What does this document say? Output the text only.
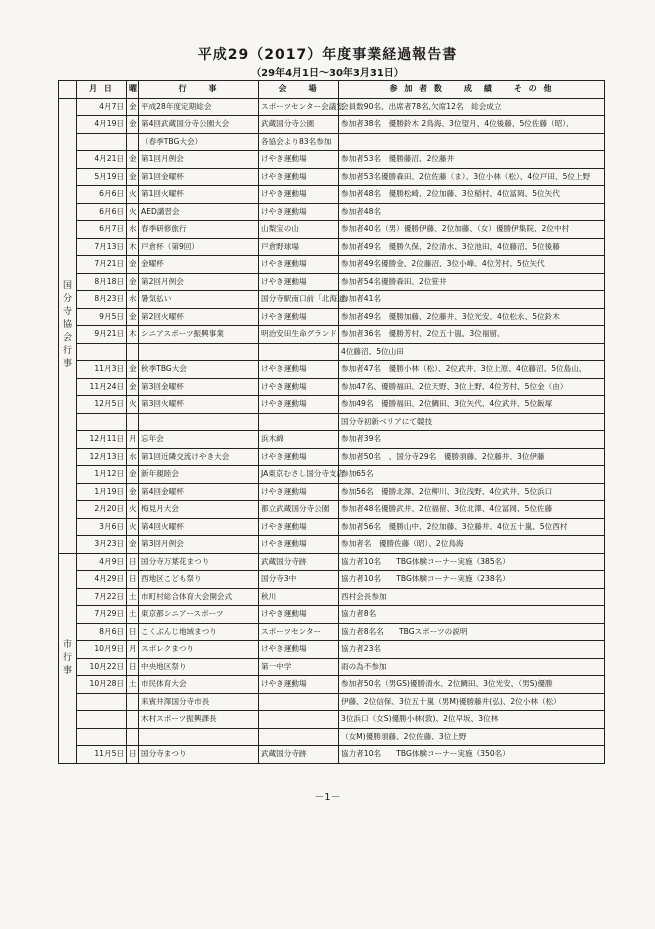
平成29（2017）年度事業経過報告書
（29年4月1日～30年3月31日）
	月 日	曜	行　　事	会　　場	参 加 者 数　　成　績　　そ の 他
国分寺協会行事	4月7日	金	平成28年度定期総会	スポーツセンター会議室	会員数90名、出席者78名,欠席12名　総会成立
	4月19日	金	第4回武蔵国分寺公園大会	武蔵国分寺公園	参加者38名　優勝鈴木 2鳥海、3位望月、4位後藤、5位佐藤（昭）、
			（春季TBG大会）	各協会より83名参加	
	4月21日	金	第1回月例会	けやき運動場	参加者53名　優勝藤沼、2位藤井
	5月19日	金	第1回金曜杯	けやき運動場	参加者53名優勝森田、2位佐藤（ま）、3位小林（松）、4位戸田、5位上野
	6月6日	火	第1回火曜杯	けやき運動場	参加者48名　優勝松崎、2位加藤、3位稲村、4位冨岡、5位矢代
	6月6日	火	AED講習会	けやき運動場	参加者48名
	6月7日	水	春季研修旅行	山梨宝の山	参加者40名（男）優勝伊藤、2位加藤、（女）優勝伊集院、2位中村
	7月13日	木	戸倉杯（第9回）	戸倉野球場	参加者49名　優勝久保、2位清水、3位池田、4位藤沼、5位後藤
	7月21日	金	金曜杯	けやき運動場	参加者49名優勝金、2位藤沼、3位小峰、4位芳村、5位矢代
	8月18日	金	第2回月例会	けやき運動場	参加者54名優勝森田、2位笹井
	8月23日	水	暑気払い	国分寺駅南口前「北海道」	参加者41名
	9月5日	金	第2回火曜杯	けやき運動場	参加者49名　優勝加藤、2位藤井、3位光安、4位松永、5位鈴木
	9月21日	木	シニアスポーツ振興事業	明治安田生命グランド	参加者36名　優勝芳村、2位五十嵐、3位福留、
					4位藤沼、5位山田
	11月3日	金	秋季TBG大会	けやき運動場	参加者47名　優勝小林（松）、2位武井、3位上原、4位藤沼、5位島山、
	11月24日	金	第3回金曜杯	けやき運動場	参加47名、優勝福田、2位天野、3位上野、4位芳村、5位金（由）
	12月5日	火	第3回火曜杯	けやき運動場	参加49名　優勝福田、2位鯛田、3位矢代、4位武井、5位飯塚
					国分寺初新ベリアにて競技
	12月11日	月	忘年会	浜木綿	参加者39名
	12月13日	水	第1回近隣交流けやき大会	けやき運動場	参加者50名　、国分寺29名　優勝須藤、2位藤井、3位伊藤
	1月12日	金	新年親睦会	JA東京むさし国分寺支店	参加65名
	1月19日	金	第4回金曜杯	けやき運動場	参加56名　優勝北澤、2位柳川、3位浅野、4位武井、5位浜口
	2月20日	火	梅見月大会	都立武蔵国分寺公園	参加者48名優勝武井、2位福留、3位北澤、4位冨岡、5位佐藤
	3月6日	火	第4回火曜杯	けやき運動場	参加者56名　優勝山中、2位加藤、3位藤井、4位五十嵐、5位西村
	3月23日	金	第3回月例会	けやき運動場	参加者名　優勝佐藤（昭）、2位鳥海
市行事	4月9日	日	国分寺万葉花まつり	武蔵国分寺跡	協力者10名　　TBG体験コーナー実施（385名）
	4月29日	日	西地区こども祭り	国分寺3中	協力者10名　　TBG体験コーナー実施（238名）
	7月22日	土	市町村総合体育大会開会式	秋川	西村会長参加
	7月29日	土	東京都シニアースポーツ	けやき運動場	協力者8名
	8月6日	日	こくぶんじ地域まつり	スポーツセンター	協力者8名名　　TBGスポーツの説明
	10月9日	月	スポレクまつり	けやき運動場	協力者23名
	10月22日	日	中央地区祭り	第一中学	雨の為不参加
	10月28日	土	市民体育大会	けやき運動場	参加者50名（男GS)優勝清水、2位鯛田、3位光安、（男S)優勝
			来賓井澤国分寺市長		伊藤、2位信保、3位五十嵐（男M)優勝藤井(弘)、2位小林（松）
			木村スポーツ振興課長		3位浜口（女S)優勝小林(敦)、2位早坂、3位林
					（女M)優勝須藤、2位佐藤、3位上野
	11月5日	日	国分寺まつり	武蔵国分寺跡	協力者10名　　TBG体験コーナー実施（350名）
－1－
